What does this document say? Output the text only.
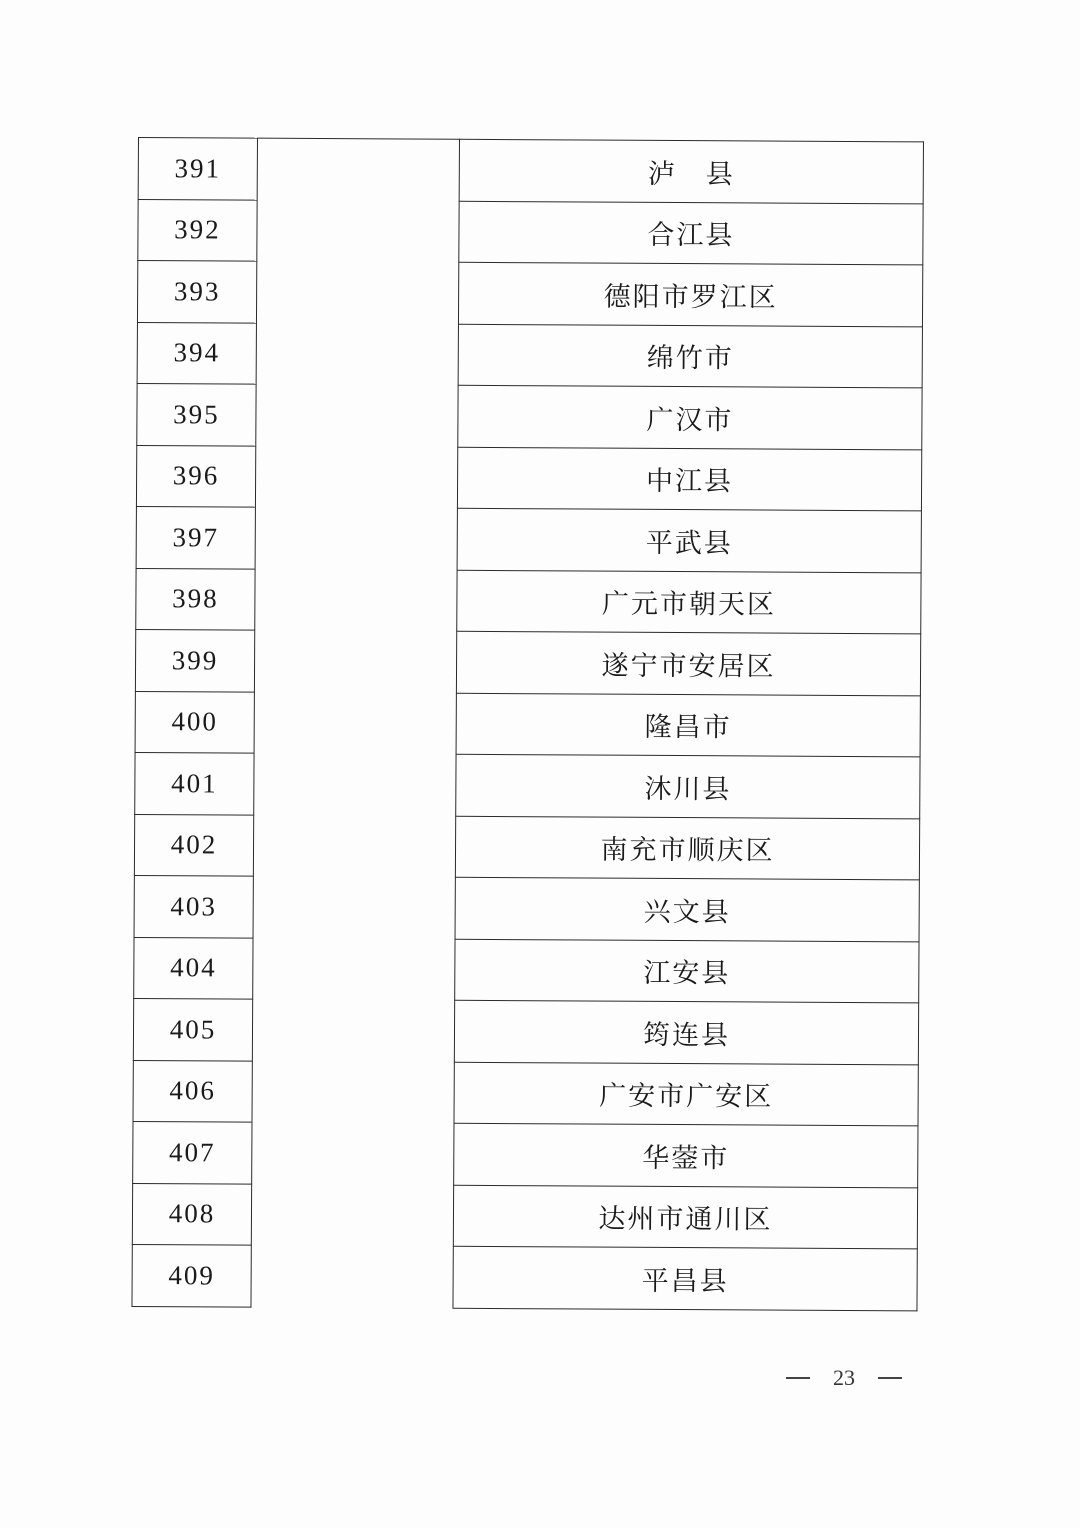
391		泸　县
392		合江县
393		德阳市罗江区
394		绵竹市
395		广汉市
396		中江县
397		平武县
398		广元市朝天区
399		遂宁市安居区
400		隆昌市
401		沐川县
402		南充市顺庆区
403		兴文县
404		江安县
405		筠连县
406		广安市广安区
407		华蓥市
408		达州市通川区
409		平昌县
23
